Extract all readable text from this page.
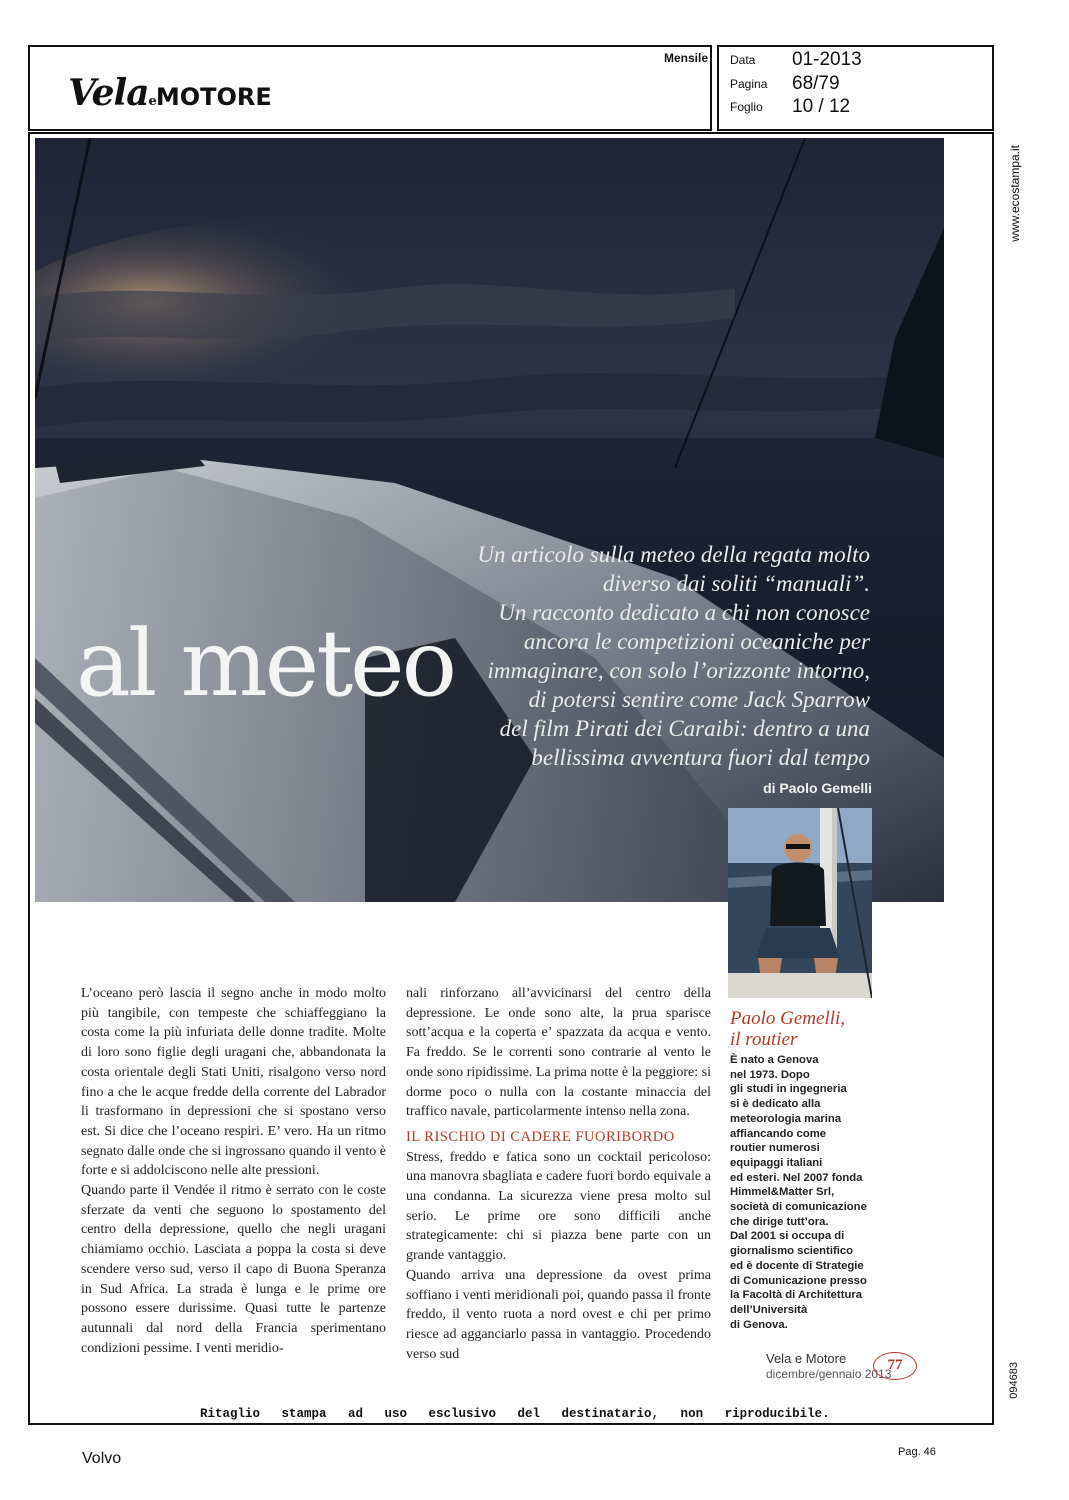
VelaeMOTORE
Mensile Data 01-2013
Pagina 68/79
Foglio 10 / 12
www.ecostampa.it
094683
al meteo
Un articolo sulla meteo della regata molto
diverso dai soliti “manuali”.
Un racconto dedicato a chi non conosce
ancora le competizioni oceaniche per
immaginare, con solo l’orizzonte intorno,
di potersi sentire come Jack Sparrow
del film Pirati dei Caraibi: dentro a una
bellissima avventura fuori dal tempo
di Paolo Gemelli

L’oceano però lascia il segno anche in modo molto più tangibile, con tempeste che schiaffeggiano la costa come la più infuriata delle donne tradite. Molte di loro sono figlie degli uragani che, abbandonata la costa orientale degli Stati Uniti, risalgono verso nord fino a che le acque fredde della corrente del Labrador li trasformano in depressioni che si spostano verso est. Si dice che l’oceano respiri. E’ vero. Ha un ritmo segnato dalle onde che si ingrossano quando il vento è forte e si addolciscono nelle alte pressioni.

Quando parte il Vendée il ritmo è serrato con le coste sferzate da venti che seguono lo spostamento del centro della depressione, quello che negli uragani chiamiamo occhio. Lasciata a poppa la costa si deve scendere verso sud, verso il capo di Buona Speranza in Sud Africa. La strada è lunga e le prime ore possono essere durissime. Quasi tutte le partenze autunnali dal nord della Francia sperimentano condizioni pessime. I venti meridio-

nali rinforzano all’avvicinarsi del centro della depressione. Le onde sono alte, la prua sparisce sott’acqua e la coperta e’ spazzata da acqua e vento. Fa freddo. Se le correnti sono contrarie al vento le onde sono ripidissime. La prima notte è la peggiore: si dorme poco o nulla con la costante minaccia del traffico navale, particolarmente intenso nella zona.

IL RISCHIO DI CADERE FUORIBORDO

Stress, freddo e fatica sono un cocktail pericoloso: una manovra sbagliata e cadere fuori bordo equivale a una condanna. La sicurezza viene presa molto sul serio. Le prime ore sono difficili anche strategicamente: chi si piazza bene parte con un grande vantaggio.

Quando arriva una depressione da ovest prima soffiano i venti meridionali poi, quando passa il fronte freddo, il vento ruota a nord ovest e chi per primo riesce ad agganciarlo passa in vantaggio. Procedendo verso sud

Paolo Gemelli,
il routier
È nato a Genova
nel 1973. Dopo
gli studi in ingegneria
si è dedicato alla
meteorologia marina
affiancando come
routier numerosi
equipaggi italiani
ed esteri. Nel 2007 fonda
Himmel&Matter Srl,
società di comunicazione
che dirige tutt’ora.
Dal 2001 si occupa di
giornalismo scientifico
ed è docente di Strategie
di Comunicazione presso
la Facoltà di Architettura
dell’Università
di Genova.
Vela e Motore
dicembre/gennaio 2013
77
Ritaglio stampa ad uso esclusivo del destinatario, non riproducibile.
Volvo	Pag. 46
